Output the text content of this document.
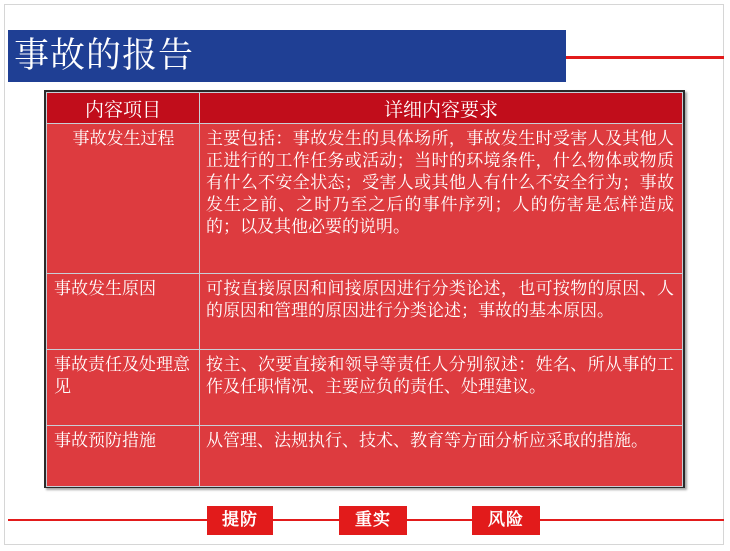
事故的报告
内容项目	详细内容要求
事故发生过程	主要包括：事故发生的具体场所，事故发生时受害人及其他人正进行的工作任务或活动；当时的环境条件，什么物体或物质有什么不安全状态；受害人或其他人有什么不安全行为；事故发生之前、之时乃至之后的事件序列；人的伤害是怎样造成的；以及其他必要的说明。
事故发生原因	可按直接原因和间接原因进行分类论述，也可按物的原因、人的原因和管理的原因进行分类论述；事故的基本原因。
事故责任及处理意见	按主、次要直接和领导等责任人分别叙述：姓名、所从事的工作及任职情况、主要应负的责任、处理建议。
事故预防措施	从管理、法规执行、技术、教育等方面分析应采取的措施。
提防	重实	风险
